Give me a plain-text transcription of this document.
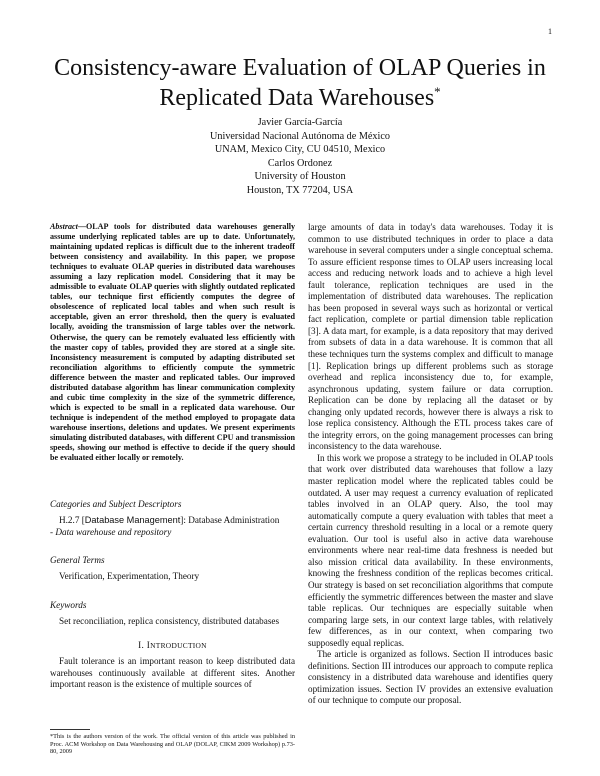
1
Consistency-aware Evaluation of OLAP Queries in
Replicated Data Warehouses*
Javier García-García
Universidad Nacional Autónoma de México
UNAM, Mexico City, CU 04510, Mexico
Carlos Ordonez
University of Houston
Houston, TX 77204, USA
Abstract—OLAP tools for distributed data warehouses generally assume underlying replicated tables are up to date. Unfortunately, maintaining updated replicas is difficult due to the inherent tradeoff between consistency and availability. In this paper, we propose techniques to evaluate OLAP queries in distributed data warehouses assuming a lazy replication model. Considering that it may be admissible to evaluate OLAP queries with slightly outdated replicated tables, our technique first efficiently computes the degree of obsolescence of replicated local tables and when such result is acceptable, given an error threshold, then the query is evaluated locally, avoiding the transmission of large tables over the network. Otherwise, the query can be remotely evaluated less efficiently with the master copy of tables, provided they are stored at a single site. Inconsistency measurement is computed by adapting distributed set reconciliation algorithms to efficiently compute the symmetric difference between the master and replicated tables. Our improved distributed database algorithm has linear communication complexity and cubic time complexity in the size of the symmetric difference, which is expected to be small in a replicated data warehouse. Our technique is independent of the method employed to propagate data warehouse insertions, deletions and updates. We present experiments simulating distributed databases, with different CPU and transmission speeds, showing our method is effective to decide if the query should be evaluated either locally or remotely.
Categories and Subject Descriptors
H.2.7 [Database Management]: Database Administration
- Data warehouse and repository
General Terms
Verification, Experimentation, Theory
Keywords
Set reconciliation, replica consistency, distributed databases
I. INTRODUCTION

Fault tolerance is an important reason to keep distributed data warehouses continuously available at different sites. Another important reason is the existence of multiple sources of

large amounts of data in today's data warehouses. Today it is common to use distributed techniques in order to place a data warehouse in several computers under a single conceptual schema. To assure efficient response times to OLAP users increasing local access and reducing network loads and to achieve a high level fault tolerance, replication techniques are used in the implementation of distributed data warehouses. The replication has been proposed in several ways such as horizontal or vertical fact replication, complete or partial dimension table replication [3]. A data mart, for example, is a data repository that may derived from subsets of data in a data warehouse. It is common that all these techniques turn the systems complex and difficult to manage [1]. Replication brings up different problems such as storage overhead and replica inconsistency due to, for example, asynchronous updating, system failure or data corruption. Replication can be done by replacing all the dataset or by changing only updated records, however there is always a risk to lose replica consistency. Although the ETL process takes care of the integrity errors, on the going management processes can bring inconsistency to the data warehouse.

In this work we propose a strategy to be included in OLAP tools that work over distributed data warehouses that follow a lazy master replication model where the replicated tables could be outdated. A user may request a currency evaluation of replicated tables involved in an OLAP query. Also, the tool may automatically compute a query evaluation with tables that meet a certain currency threshold resulting in a local or a remote query evaluation. Our tool is useful also in active data warehouse environments where near real-time data freshness is needed but also mission critical data availability. In these environments, knowing the freshness condition of the replicas becomes critical. Our strategy is based on set reconciliation algorithms that compute efficiently the symmetric differences between the master and slave table replicas. Our techniques are especially suitable when comparing large sets, in our context large tables, with relatively few differences, as in our context, when comparing two supposedly equal replicas.

The article is organized as follows. Section II introduces basic definitions. Section III introduces our approach to compute replica consistency in a distributed data warehouse and identifies query optimization issues. Section IV provides an extensive evaluation of our technique to compute our proposal.

*This is the authors version of the work. The official version of this article was published in Proc. ACM Workshop on Data Warehousing and OLAP (DOLAP, CIKM 2009 Workshop) p.73-80, 2009
